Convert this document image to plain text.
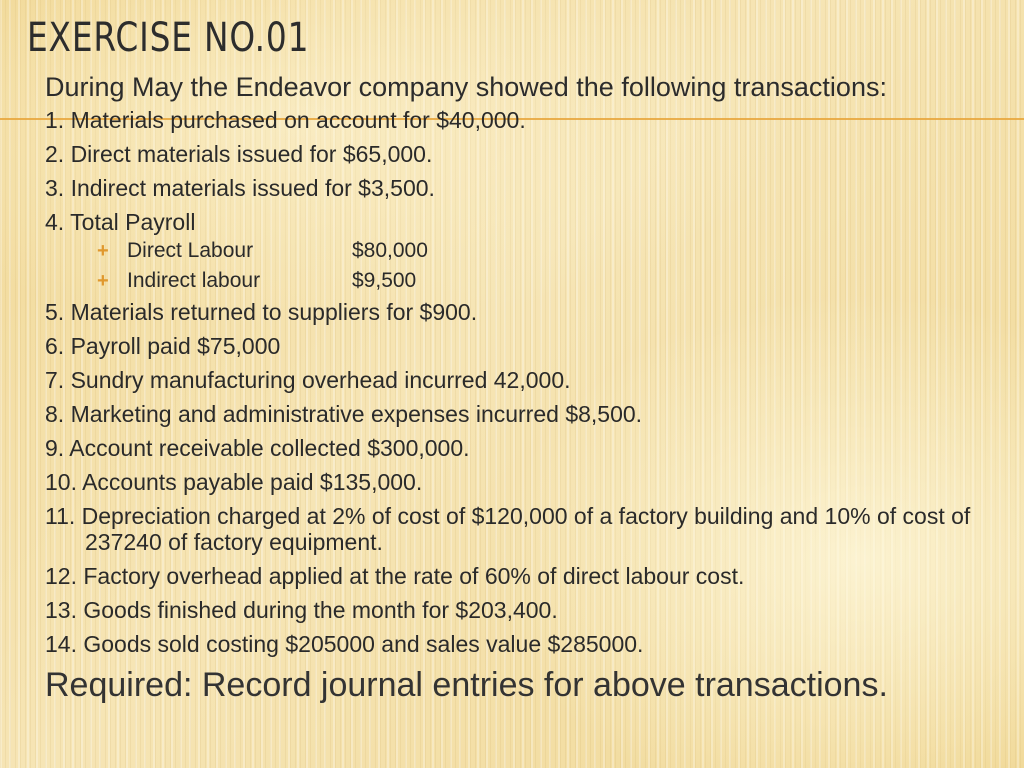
EXERCISE NO.01

During May the Endeavor company showed the following transactions:

1. Materials purchased on account for $40,000.
2. Direct materials issued for $65,000.
3. Indirect materials issued for $3,500.
4. Total Payroll
+ Direct Labour	$80,000
+ Indirect labour	$9,500
5. Materials returned to suppliers for $900.
6. Payroll paid $75,000
7. Sundry manufacturing overhead incurred 42,000.
8. Marketing and administrative expenses incurred $8,500.
9. Account receivable collected $300,000.
10. Accounts payable paid $135,000.
11. Depreciation charged at 2% of cost of $120,000 of a factory building and 10% of cost of 237240 of factory equipment.
12. Factory overhead applied at the rate of 60% of direct labour cost.
13. Goods finished during the month for $203,400.
14. Goods sold costing $205000 and sales value $285000.

Required: Record journal entries for above transactions.
